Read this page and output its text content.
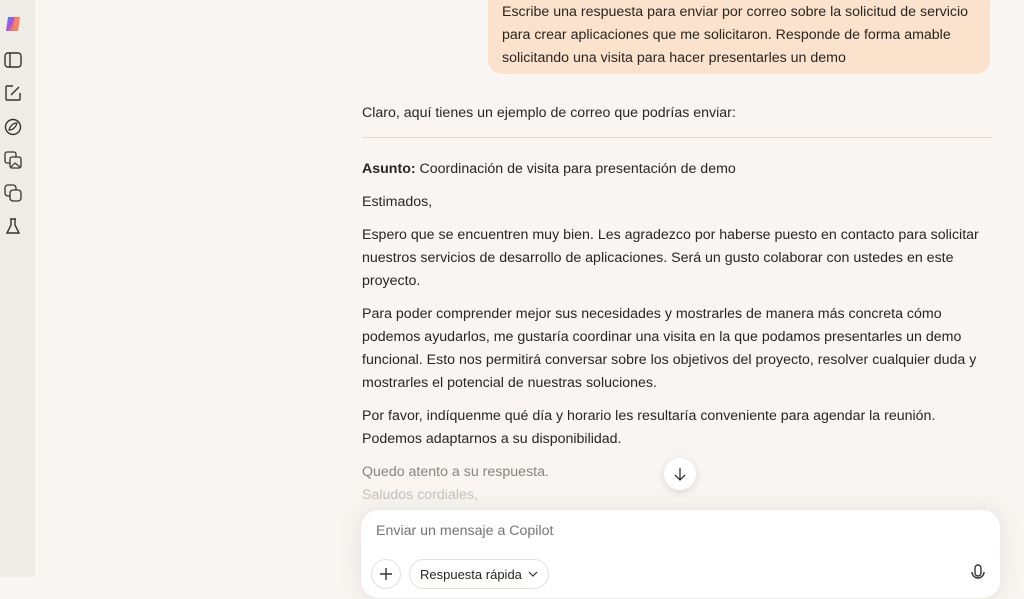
Escribe una respuesta para enviar por correo sobre la solicitud de servicio para crear aplicaciones que me solicitaron. Responde de forma amable solicitando una visita para hacer presentarles un demo

Claro, aquí tienes un ejemplo de correo que podrías enviar:

Asunto: Coordinación de visita para presentación de demo

Estimados,

Espero que se encuentren muy bien. Les agradezco por haberse puesto en contacto para solicitar nuestros servicios de desarrollo de aplicaciones. Será un gusto colaborar con ustedes en este proyecto.

Para poder comprender mejor sus necesidades y mostrarles de manera más concreta cómo podemos ayudarlos, me gustaría coordinar una visita en la que podamos presentarles un demo funcional. Esto nos permitirá conversar sobre los objetivos del proyecto, resolver cualquier duda y mostrarles el potencial de nuestras soluciones.

Por favor, indíquenme qué día y horario les resultaría conveniente para agendar la reunión. Podemos adaptarnos a su disponibilidad.

Quedo atento a su respuesta.

Saludos cordiales,

Enviar un mensaje a Copilot
Respuesta rápida
